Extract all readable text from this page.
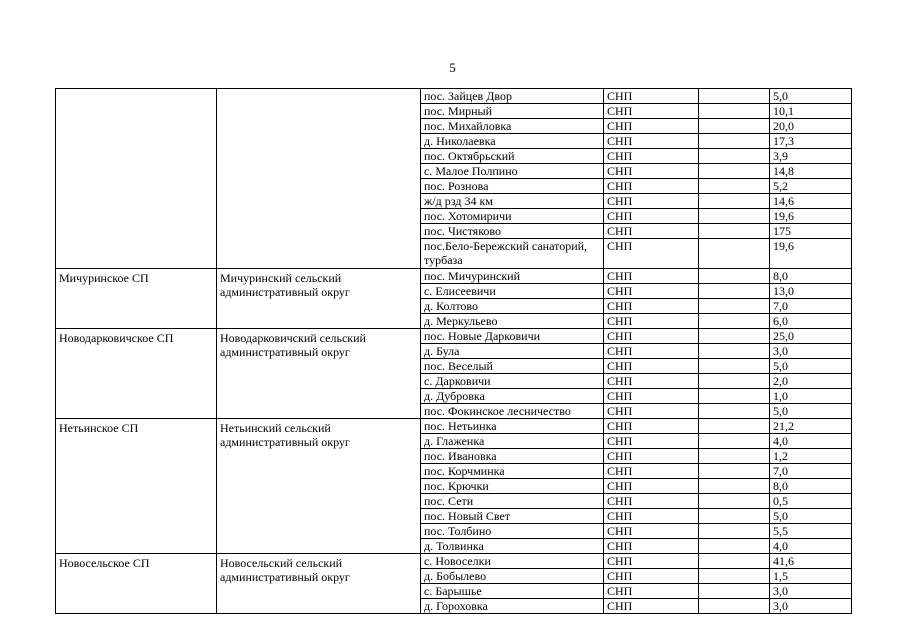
5
		пос. Зайцев Двор	СНП		5,0
		пос. Мирный	СНП		10,1
		пос. Михайловка	СНП		20,0
		д. Николаевка	СНП		17,3
		пос. Октябрьский	СНП		3,9
		с. Малое Полпино	СНП		14,8
		пос. Рознова	СНП		5,2
		ж/д рзд 34 км	СНП		14,6
		пос. Хотомиричи	СНП		19,6
		пос. Чистяково	СНП		175
		пос.Бело-Бережский санаторий, турбаза	СНП		19,6
Мичуринское СП	Мичуринский сельский административный округ	пос. Мичуринский	СНП		8,0
		с. Елисеевичи	СНП		13,0
		д. Колтово	СНП		7,0
		д. Меркульево	СНП		6,0
Новодарковичское СП	Новодарковичский сельский административный округ	пос. Новые Дарковичи	СНП		25,0
		д. Була	СНП		3,0
		пос. Веселый	СНП		5,0
		с. Дарковичи	СНП		2,0
		д. Дубровка	СНП		1,0
		пос. Фокинское лесничество	СНП		5,0
Нетьинское СП	Нетьинский сельский административный округ	пос. Нетьинка	СНП		21,2
		д. Глаженка	СНП		4,0
		пос. Ивановка	СНП		1,2
		пос. Корчминка	СНП		7,0
		пос. Крючки	СНП		8,0
		пос. Сети	СНП		0,5
		пос. Новый Свет	СНП		5,0
		пос. Толбино	СНП		5,5
		д. Толвинка	СНП		4,0
Новосельское СП	Новосельский сельский административный округ	с. Новоселки	СНП		41,6
		д. Бобылево	СНП		1,5
		с. Барышье	СНП		3,0
		д. Гороховка	СНП		3,0
